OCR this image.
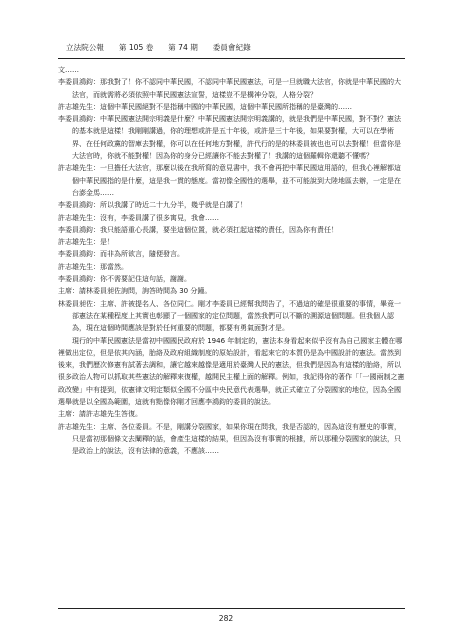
立法院公報 第 105 卷 第 74 期 委員會紀錄

文……

李委員鴻鈞：那我對了！你不認同中華民國，不認同中華民國憲法，可是一旦就職大法官，你就是中華民國的大法官，而就需將必須依照中華民國憲法宣誓，這樣豈不是構神分裂，人格分裂？

許志雄先生：這個中華民國絕對不是指稱中國的中華民國，這個中華民國所指稱的是臺灣的……

李委員鴻鈞：中華民國憲法開宗明義是什麼？中華民國憲法開宗明義講的，就是我們是中華民國，對不對？憲法的基本就是這樣！我剛剛講過，你的理想或許是五十年後，或許是三十年後，如果要對權，大可以在學術界、在任何政黨的智庫去對權，你可以在任何地方對權，許代行的是的林委員被也也可以去對權！但當你是大法官時，你就不能對權！因為你的身分已經讓你不能去對權了！我講的這個羅輯你還聽不懂嗎？

許志雄先生：一旦擔任大法官，那麼以後在我所寫的意見書中，我不會再把中華民國這用語的，但我心裡解都這個中華民國指的是什麼，這是我一貫的態度。當初像全國性的選舉，並不可能說到大陸地區去辦，一定是在台澎金馬……

李委員鴻鈞：所以我講了時近二十九分半，幾乎就是白講了！

許志雄先生：沒有，李委員講了很多寓見，我會……

李委員鴻鈞：我只能語重心長講，要坐這個位置，就必須扛起這樣的責任，因為你有責任！

許志雄先生：是！

李委員鴻鈞：而非為所欲言，隨便發言。

許志雄先生：那當然。

李委員鴻鈞：你不需要記住這句話，謝謝。

主席：請林委員昶佐詢問，詢答時間為 30 分鐘。

林委員昶佐：主席、許被提名人、各位同仁。剛才李委員已經幫我問告了，不過這的確是很重要的事情，畢竟一部憲法在某種程度上其實也彰顯了一個國家的定位問題，當然我們可以不斷的溯源這個問題。但我個人認為，現在這個時間應該是對於任何重要的問題，都要有勇氣面對才是。

現行的中華民國憲法是當初中國國民政府於 1946 年制定的，憲法本身看起來似乎沒有為自己國家主體在哪裡做出定位，但是依其內涵，胎絡及政府組織制度的原始設計，看起來它的本質仍是為中國設計的憲法。當然到後來，我們歷次修憲有試著去調和，讓它越來越像是適用於臺灣人民的憲法，但我們是因為有這樣的胎絡，所以很多政治人物可以抓取其些憲法的解釋來復權，越開民主權上面的解釋。例如，我記得你的著作「「一國兩制之憲政改變」中有提到，依憲律文明定類似全國不分區中央民意代表選舉，就正式確立了分裂國家的地位，因為全國選舉就是以全國為範圍，這就有點像你剛才回應李鴻鈞的委員的說法。

主席：請許志雄先生答復。

許志雄先生：主席、各位委員。不是，剛講分裂國家，如果你現在問我，我是否認的，因為這沒有歷史的事實，只是當初那個條文去闡釋的話，會產生這樣的結果，但因為沒有事實的根據，所以那種分裂國家的說法，只是政治上的說法，沒有法律的意義，不應該……

282
